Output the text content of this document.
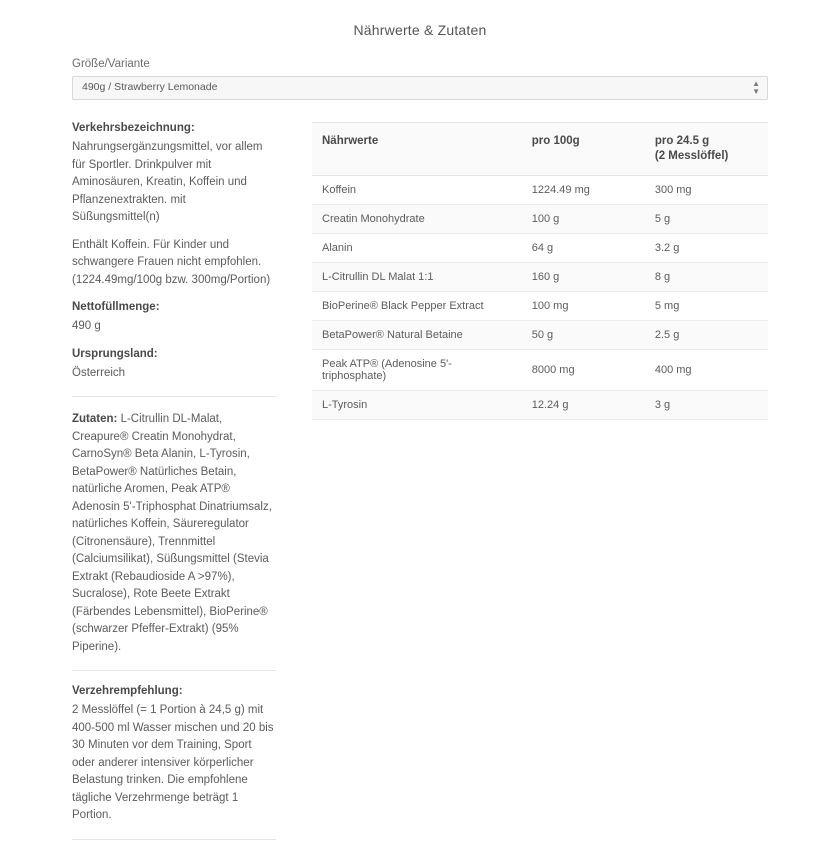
Nährwerte & Zutaten
Größe/Variante
490g / Strawberry Lemonade	▲
▼

Verkehrsbezeichnung:

Nahrungsergänzungsmittel, vor allem für Sportler. Drinkpulver mit Aminosäuren, Kreatin, Koffein und Pflanzenextrakten. mit Süßungsmittel(n)

Enthält Koffein. Für Kinder und schwangere Frauen nicht empfohlen. (1224.49mg/100g bzw. 300mg/Portion)

Nettofüllmenge:

490 g

Ursprungsland:

Österreich

Zutaten: L-Citrullin DL-Malat, Creapure® Creatin Monohydrat, CarnoSyn® Beta Alanin, L-Tyrosin, BetaPower® Natürliches Betain, natürliche Aromen, Peak ATP® Adenosin 5'-Triphosphat Dinatriumsalz, natürliches Koffein, Säureregulator (Citronensäure), Trennmittel (Calciumsilikat), Süßungsmittel (Stevia Extrakt (Rebaudioside A >97%), Sucralose), Rote Beete Extrakt (Färbendes Lebensmittel), BioPerine® (schwarzer Pfeffer-Extrakt) (95% Piperine).

Verzehrempfehlung:

2 Messlöffel (= 1 Portion à 24,5 g) mit 400-500 ml Wasser mischen und 20 bis 30 Minuten vor dem Training, Sport oder anderer intensiver körperlicher Belastung trinken. Die empfohlene tägliche Verzehrmenge beträgt 1 Portion.

Nährwerte	pro 100g	pro 24.5 g
(2 Messlöffel)
Koffein	1224.49 mg	300 mg
Creatin Monohydrate	100 g	5 g
Alanin	64 g	3.2 g
L-Citrullin DL Malat 1:1	160 g	8 g
BioPerine® Black Pepper Extract	100 mg	5 mg
BetaPower® Natural Betaine	50 g	2.5 g
Peak ATP® (Adenosine 5'-triphosphate)	8000 mg	400 mg
L-Tyrosin	12.24 g	3 g
